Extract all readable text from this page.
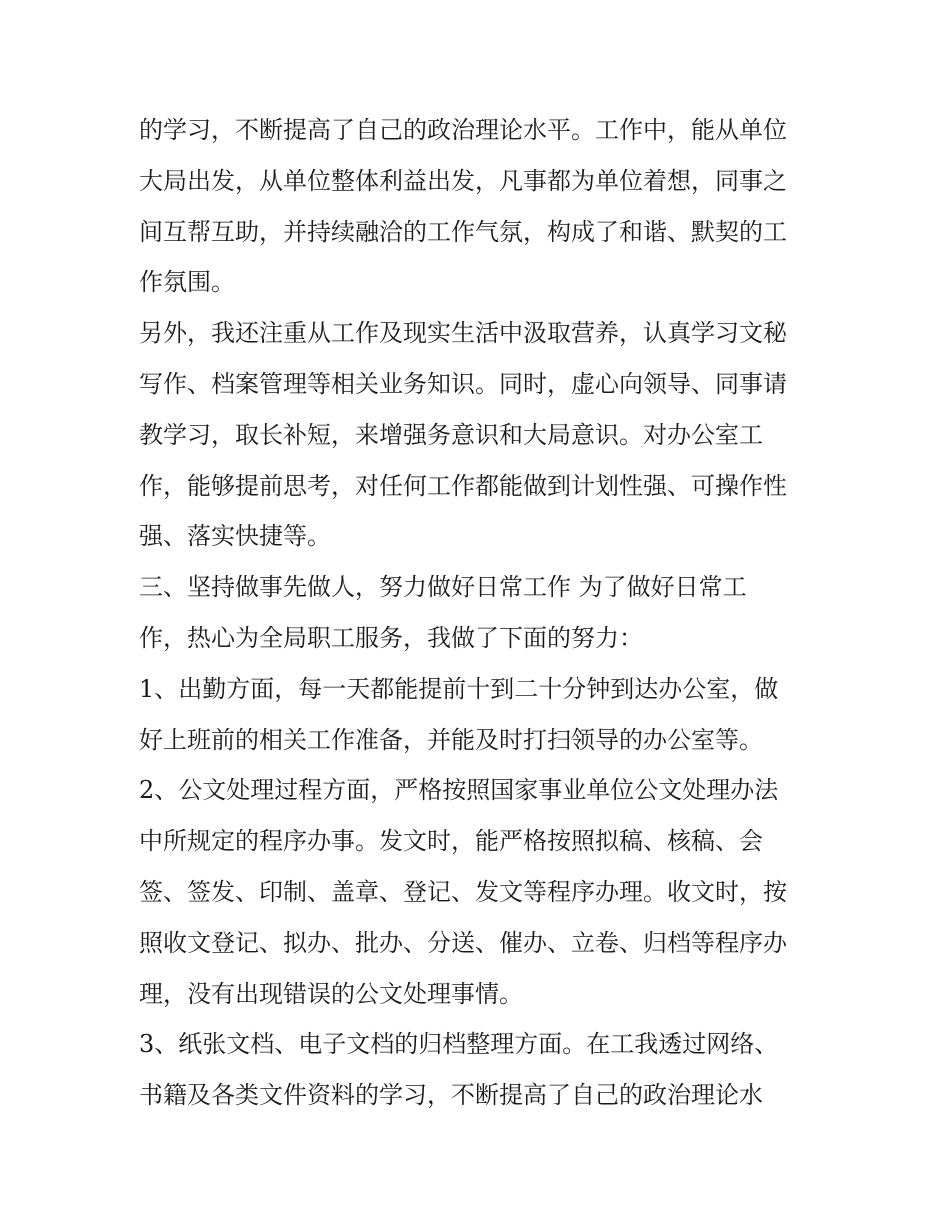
的学习，不断提高了自己的政治理论水平。工作中，能从单位
大局出发，从单位整体利益出发，凡事都为单位着想，同事之
间互帮互助，并持续融洽的工作气氛，构成了和谐、默契的工
作氛围。
另外，我还注重从工作及现实生活中汲取营养，认真学习文秘
写作、档案管理等相关业务知识。同时，虚心向领导、同事请
教学习，取长补短，来增强务意识和大局意识。对办公室工
作，能够提前思考，对任何工作都能做到计划性强、可操作性
强、落实快捷等。
三、坚持做事先做人，努力做好日常工作 为了做好日常工
作，热心为全局职工服务，我做了下面的努力：
1、出勤方面，每一天都能提前十到二十分钟到达办公室，做
好上班前的相关工作准备，并能及时打扫领导的办公室等。
2、公文处理过程方面，严格按照国家事业单位公文处理办法
中所规定的程序办事。发文时，能严格按照拟稿、核稿、会
签、签发、印制、盖章、登记、发文等程序办理。收文时，按
照收文登记、拟办、批办、分送、催办、立卷、归档等程序办
理，没有出现错误的公文处理事情。
3、纸张文档、电子文档的归档整理方面。在工我透过网络、
书籍及各类文件资料的学习，不断提高了自己的政治理论水
